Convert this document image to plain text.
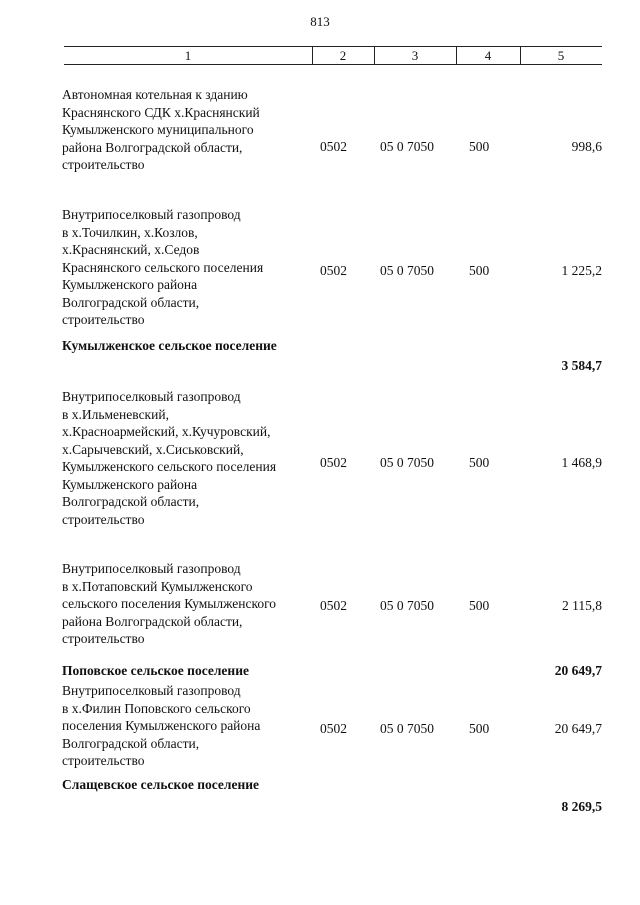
813
1	2	3	4	5
Автономная котельная к зданию
Краснянского СДК х.Краснянский
Кумылженского муниципального
района Волгоградской области,
строительство
0502 05 0 7050	500	998,6
Внутрипоселковый газопровод
в х.Точилкин, х.Козлов,
х.Краснянский, х.Седов
Краснянского сельского поселения
Кумылженского района
Волгоградской области,
строительство
0502 05 0 7050	500	1 225,2
Кумылженское сельское поселение
3 584,7
Внутрипоселковый газопровод
в х.Ильменевский,
х.Красноармейский, х.Кучуровский,
х.Сарычевский, х.Сиськовский,
Кумылженского сельского поселения
Кумылженского района
Волгоградской области,
строительство
0502 05 0 7050	500	1 468,9
Внутрипоселковый газопровод
в х.Потаповский Кумылженского
сельского поселения Кумылженского
района Волгоградской области,
строительство
0502 05 0 7050	500	2 115,8
Поповское сельское поселение	20 649,7
Внутрипоселковый газопровод
в х.Филин Поповского сельского
поселения Кумылженского района
Волгоградской области,
строительство
0502 05 0 7050	500	20 649,7
Слащевское сельское поселение
8 269,5
